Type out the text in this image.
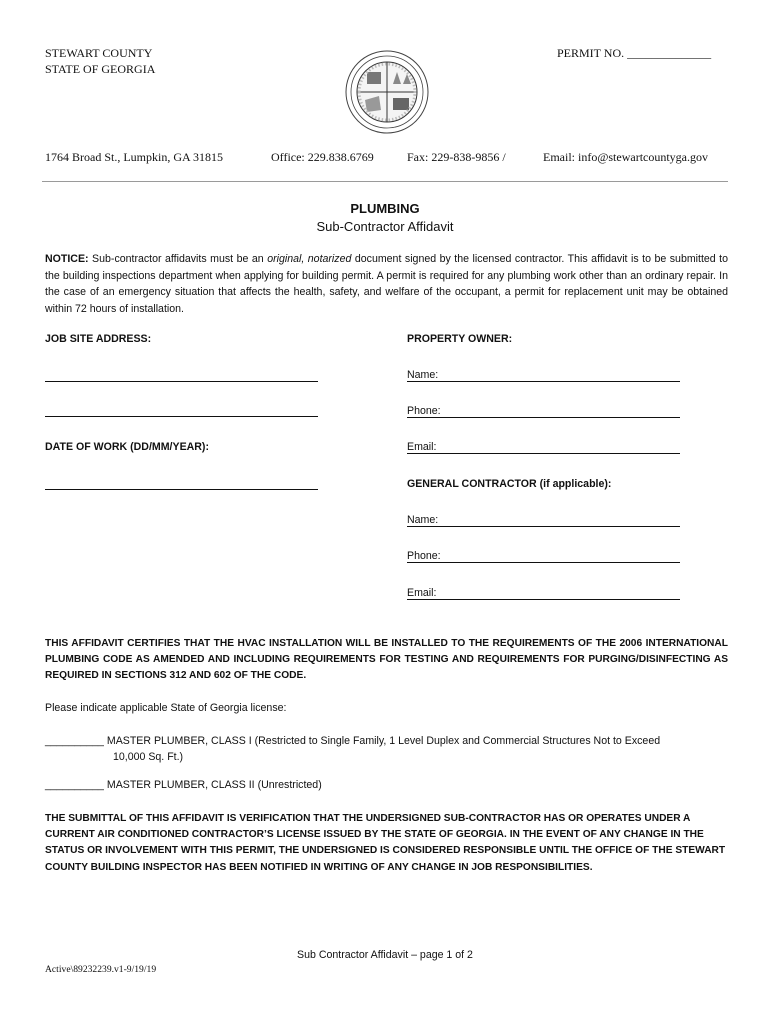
STEWART COUNTY
STATE OF GEORGIA
PERMIT NO. ______________
1764 Broad St., Lumpkin, GA 31815	Office: 229.838.6769	Fax: 229-838-9856 /	Email: info@stewartcountyga.gov
PLUMBING
Sub-Contractor Affidavit
NOTICE: Sub-contractor affidavits must be an original, notarized document signed by the licensed contractor. This affidavit is to be submitted to the building inspections department when applying for building permit. A permit is required for any plumbing work other than an ordinary repair. In the case of an emergency situation that affects the health, safety, and welfare of the occupant, a permit for replacement unit may be obtained within 72 hours of installation.
JOB SITE ADDRESS:
DATE OF WORK (DD/MM/YEAR):
PROPERTY OWNER:
Name:
Phone:
Email:
GENERAL CONTRACTOR (if applicable):
Name:
Phone:
Email:
THIS AFFIDAVIT CERTIFIES THAT THE HVAC INSTALLATION WILL BE INSTALLED TO THE REQUIREMENTS OF THE 2006 INTERNATIONAL PLUMBING CODE AS AMENDED AND INCLUDING REQUIREMENTS FOR TESTING AND REQUIREMENTS FOR PURGING/DISINFECTING AS REQUIRED IN SECTIONS 312 AND 602 OF THE CODE.
Please indicate applicable State of Georgia license:
__________ MASTER PLUMBER, CLASS I (Restricted to Single Family, 1 Level Duplex and Commercial Structures Not to Exceed
10,000 Sq. Ft.)
__________ MASTER PLUMBER, CLASS II (Unrestricted)
THE SUBMITTAL OF THIS AFFIDAVIT IS VERIFICATION THAT THE UNDERSIGNED SUB-CONTRACTOR HAS OR OPERATES UNDER A CURRENT AIR CONDITIONED CONTRACTOR’S LICENSE ISSUED BY THE STATE OF GEORGIA. IN THE EVENT OF ANY CHANGE IN THE STATUS OR INVOLVEMENT WITH THIS PERMIT, THE UNDERSIGNED IS CONSIDERED RESPONSIBLE UNTIL THE OFFICE OF THE STEWART COUNTY BUILDING INSPECTOR HAS BEEN NOTIFIED IN WRITING OF ANY CHANGE IN JOB RESPONSIBILITIES.
Sub Contractor Affidavit – page 1 of 2
Active\89232239.v1-9/19/19
